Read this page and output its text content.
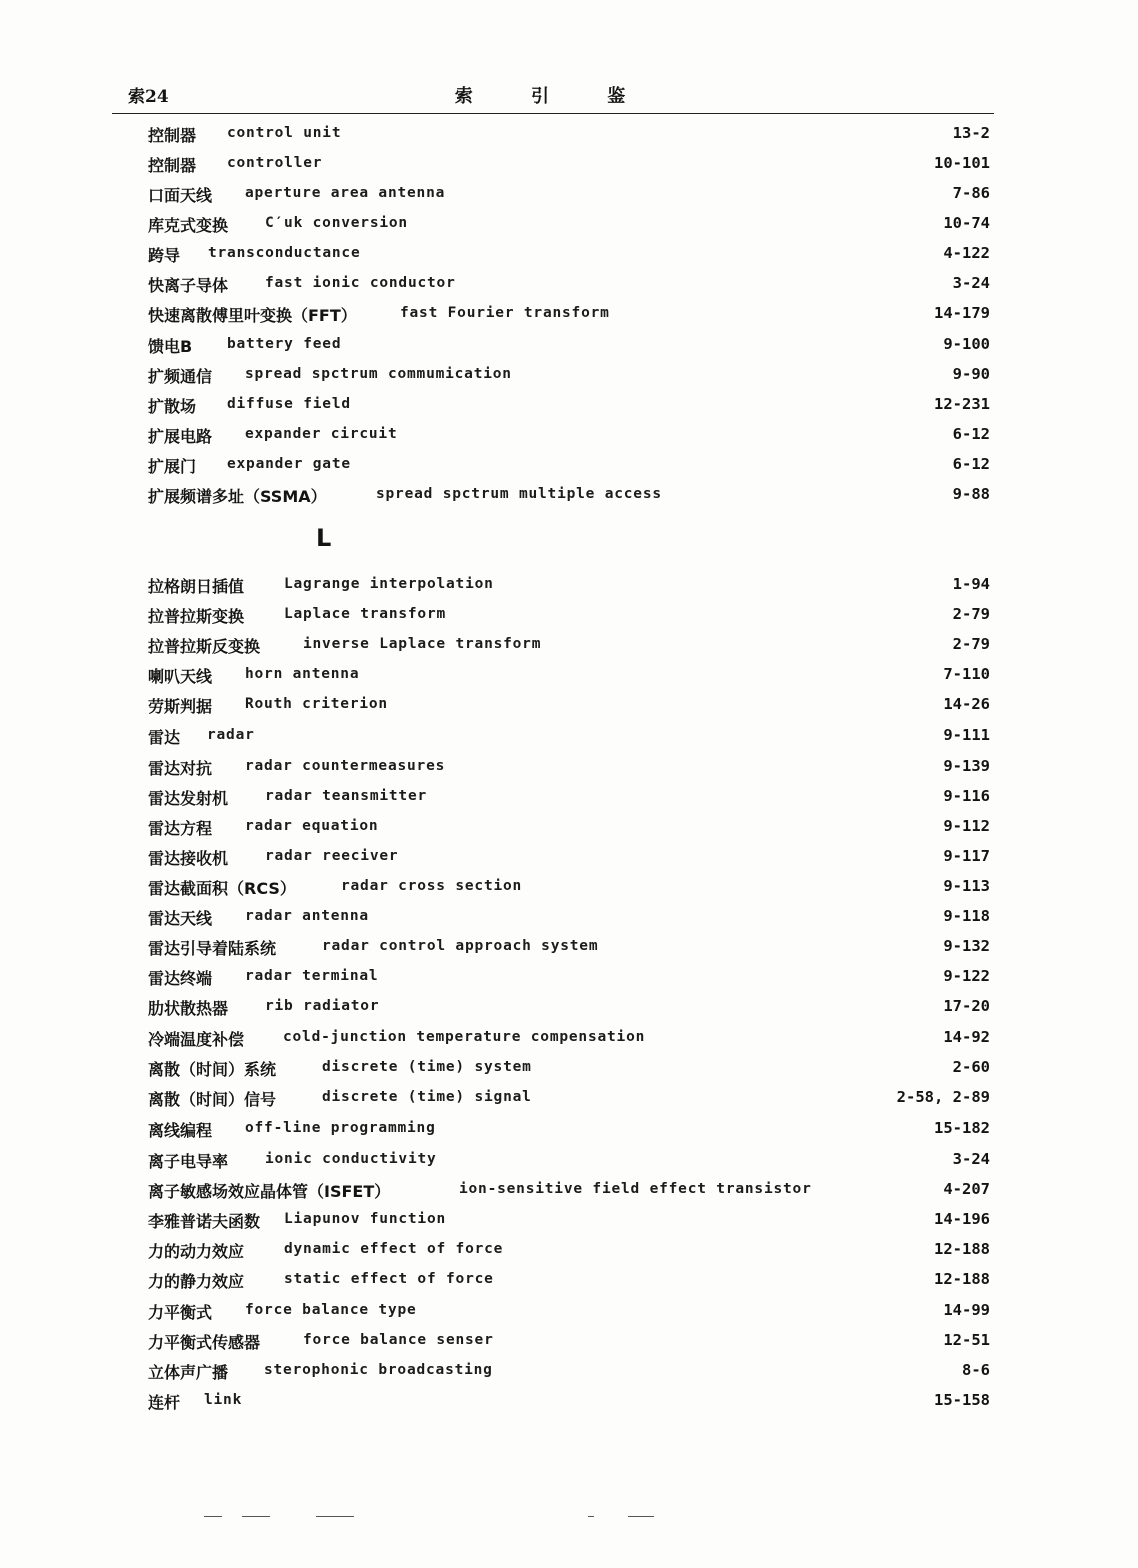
索24	索 引 鉴
控制器 control unit	13-2
控制器 controller	10-101
口面天线 aperture area antenna	7-86
库克式变换	C′uk conversion	10-74
跨导 transconductance	4-122
快离子导体	fast ionic conductor	3-24
快速离散傅里叶变换（FFT）	fast Fourier transform	14-179
馈电B battery feed	9-100
扩频通信 spread spctrum commumication	9-90
扩散场 diffuse field	12-231
扩展电路 expander circuit	6-12
扩展门 expander gate	6-12
扩展频谱多址（SSMA）	spread spctrum multiple access	9-88
拉格朗日插值	Lagrange interpolation	1-94
拉普拉斯变换	Laplace transform	2-79
拉普拉斯反变换	inverse Laplace transform	2-79
喇叭天线 horn antenna	7-110
劳斯判据 Routh criterion	14-26
雷达 radar	9-111
雷达对抗 radar countermeasures	9-139
雷达发射机	radar teansmitter	9-116
雷达方程 radar equation	9-112
雷达接收机	radar reeciver	9-117
雷达截面积（RCS）	radar cross section	9-113
雷达天线 radar antenna	9-118
雷达引导着陆系统	radar control approach system	9-132
雷达终端 radar terminal	9-122
肋状散热器	rib radiator	17-20
冷端温度补偿	cold-junction temperature compensation	14-92
离散（时间）系统	discrete (time) system	2-60
离散（时间）信号	discrete (time) signal	2-58, 2-89
离线编程 off-line programming	15-182
离子电导率	ionic conductivity	3-24
离子敏感场效应晶体管（ISFET）	ion-sensitive field effect transistor	4-207
李雅普诺夫函数 Liapunov function	14-196
力的动力效应	dynamic effect of force	12-188
力的静力效应	static effect of force	12-188
力平衡式 force balance type	14-99
力平衡式传感器	force balance senser	12-51
立体声广播 sterophonic broadcasting	8-6
连杆 link	15-158
L
